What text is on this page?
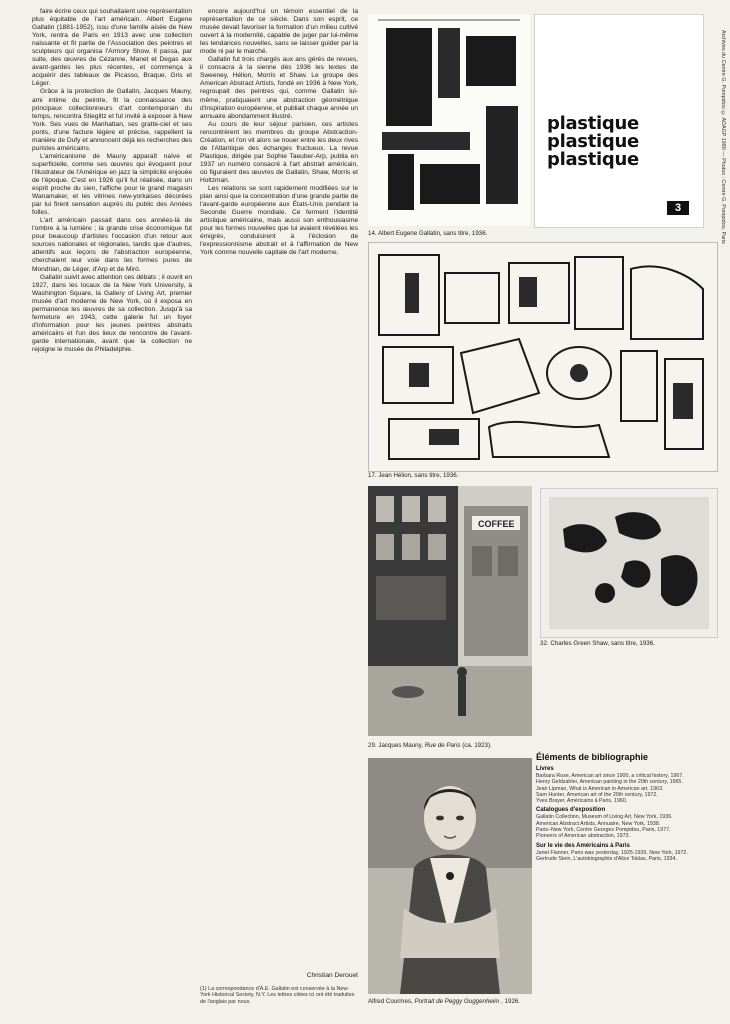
faire écrire ceux qui souhaitaient une représentation plus équitable de l'art américain. Albert Eugene Gallatin (1881-1952), issu d'une famille aisée de New York, rentra de Paris en 1913 avec une collection naissante et fit partie de l'Association des peintres et sculpteurs qui organisa l'Armory Show. Il passa, par suite, des œuvres de Cézanne, Manet et Degas aux avant-gardes les plus récentes, et commença à acquérir des tableaux de Picasso, Braque, Gris et Léger.

Grâce à la protection de Gallatin, Jacques Mauny, ami intime du peintre, fit la connaissance des principaux collectionneurs d'art contemporain du temps, rencontra Stieglitz et fut invité à exposer à New York. Ses vues de Manhattan, ses gratte-ciel et ses ponts, d'une facture légère et précise, rappellent la manière de Dufy et annoncent déjà les recherches des puristes américains.

L'américanisme de Mauny apparaît naïve et superficielle, comme ses œuvres qui évoquent pour l'illustrateur de l'Amérique en jazz la simplicité enjouée de l'époque. C'est en 1926 qu'il fut réalisée, dans un esprit proche du sien, l'affiche pour le grand magasin Wanamaker, et les vitrines new-yorkaises décorées par lui firent sensation auprès du public des Années folles.

L'art américain passait dans ces années-là de l'ombre à la lumière ; la grande crise économique fut pour beaucoup d'artistes l'occasion d'un retour aux sources nationales et régionales, tandis que d'autres, attentifs aux leçons de l'abstraction européenne, cherchaient leur voie dans les formes pures de Mondrian, de Léger, d'Arp et de Miró.

Gallatin suivit avec attention ces débats ; il ouvrit en 1927, dans les locaux de la New York University, à Washington Square, la Gallery of Living Art, premier musée d'art moderne de New York, où il exposa en permanence les œuvres de sa collection. Jusqu'à sa fermeture en 1943, cette galerie fut un foyer d'information pour les jeunes peintres abstraits américains et l'un des lieux de rencontre de l'avant-garde internationale, avant que la collection ne rejoigne le musée de Philadelphie.

encore aujourd'hui un témoin essentiel de la représentation de ce siècle. Dans son esprit, ce musée devait favoriser la formation d'un milieu cultivé ouvert à la modernité, capable de juger par lui-même les tendances nouvelles, sans se laisser guider par la mode ni par le marché.

Gallatin fut trois chargés aux ans gérés de revues, il consacra à la sienne dès 1936 les textes de Sweeney, Hélion, Morris et Shaw. Le groupe des American Abstract Artists, fondé en 1936 à New York, regroupait des peintres qui, comme Gallatin lui-même, pratiquaient une abstraction géométrique d'inspiration européenne, et publiait chaque année un annuaire abondamment illustré.

Au cours de leur séjour parisien, ces artistes rencontrèrent les membres du groupe Abstraction-Création, et l'on vit alors se nouer entre les deux rives de l'Atlantique des échanges fructueux. La revue Plastique, dirigée par Sophie Taeuber-Arp, publia en 1937 un numéro consacré à l'art abstrait américain, où figuraient des œuvres de Gallatin, Shaw, Morris et Holtzman.

Les relations se sont rapidement modifiées sur le plan ainsi que la concentration d'une grande partie de l'avant-garde européenne aux États-Unis pendant la Seconde Guerre mondiale. Ce ferment l'identité artistique américaine, mais aussi son enthousiasme pour les formes nouvelles que lui avaient révélées les émigrés, conduisirent à l'éclosion de l'expressionnisme abstrait et à l'affirmation de New York comme nouvelle capitale de l'art moderne.

Christian Derouet
(1) La correspondance d'A.E. Gallatin est conservée à la New-York Historical Society, N.Y. Les lettres citées ici ont été traduites de l'anglais par nous.
plastique
plastique
plastique
3
14. Albert Eugene Gallatin, sans titre, 1936.
17. Jean Hélion, sans titre, 1936.
COFFEE
29. Jacques Mauny, Rue de Paris (ca. 1923).
32. Charles Green Shaw, sans titre, 1936.
Alfred Courmes, Portrait de Peggy Guggenheim , 1926.
Archives du Centre G. Pompidou © ADAGP 1980 — Photos : Centre G. Pompidou, Paris
Éléments de bibliographie
Livres

Barbara Rose, American art since 1900, a critical history, 1967.

Henry Geldzahler, American painting in the 20th century, 1965.

Jean Lipman, What is American in American art, 1963.

Sam Hunter, American art of the 20th century, 1972.

Yves Brayer, Américains à Paris, 1960.

Catalogues d'exposition

Gallatin Collection, Museum of Living Art, New York, 1936.

American Abstract Artists, Annuaire, New York, 1938.

Paris–New York, Centre Georges Pompidou, Paris, 1977.

Pioneers of American abstraction, 1973.

Sur le vie des Américains à Paris

Janet Flanner, Paris was yesterday, 1925-1939, New York, 1972.

Gertrude Stein, L'autobiographie d'Alice Toklas, Paris, 1934.
